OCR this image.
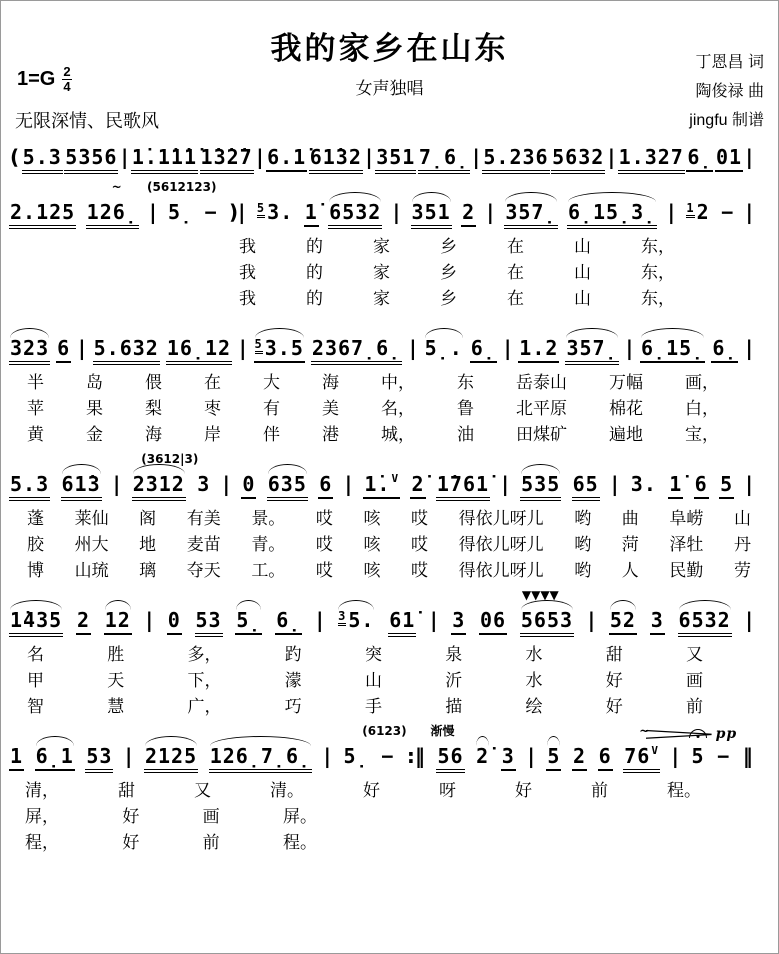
我的家乡在山东
女声独唱
$1=G \frac{2}{4}$
无限深情、民歌风
丁恩昌 词
陶俊禄 曲
jingfu 制谱
( 5.3 5356 | 1̇.1̇1̇1̇ 1̇3̇2̇7 | 6.1̇ 61̇32 | 351 7̣6̣ | 5.236 5632 | 1.327 6̣ 01 |
2.125 126̣
~
| 5̣
(5612123)
− )| $^5$ 3. 1̇ 6532 | 351 2 | 357̣ 6̣15̣3̣ | $^1$ 2 − |
我	的	家	乡	在	山	东，
我	的	家	乡	在	山	东，
我	的	家	乡	在	山	东，
323 6 | 5.632 16̣12 | $^5$ 3.5 2367̣6̣ | 5̣. 6̣ | 1.2 357̣ | 6̣15̣ 6̣ |
半 岛 偎 在 大 海 中， 东 岳泰山 万幅 画，
苹 果 梨 枣 有 美 名， 鲁 北平原 棉花 白，
黄 金 海 岸 伴 港 城， 油 田煤矿 遍地 宝，
5.3 61̇3 | 2312 3
(3612|3)
| 0 635 6 | 1̇.$^V$ 2̇ 1̇761̇ | 535 65 | 3. 1̇ 6 5 |
蓬 莱仙 阁 有美 景。 哎 咳 哎 得依儿呀儿 哟 曲 阜崂 山
胶 州大 地 麦苗 青。 哎 咳 哎 得依儿呀儿 哟 菏 泽牡 丹
博 山琉 璃 夺天 工。 哎 咳 哎 得依儿呀儿 哟 人 民勤 劳
1̇435 2 12 | 0 53 5̣ 6̣ | $^3$ 5. 61̇ | 3 06 5653
▼▼▼▼
| 52 3 6532 |
名	胜	多，	趵	突	泉	水	甜	又
甲	天	下，	濛	山	沂	水	好	画
智	慧	广，	巧	手	描	绘	好	前
1 6̣1 53 | 2125 126̣7̣6̣ | 5̣ −
(6123)
:‖ 56
渐慢
2̇ 3 | 5 2 6 $76^V$
~
| 5 −
pp
‖
清，	甜	又	清。	好	呀	好	前	程。
屏，	好	画	屏。
程，	好	前	程。
